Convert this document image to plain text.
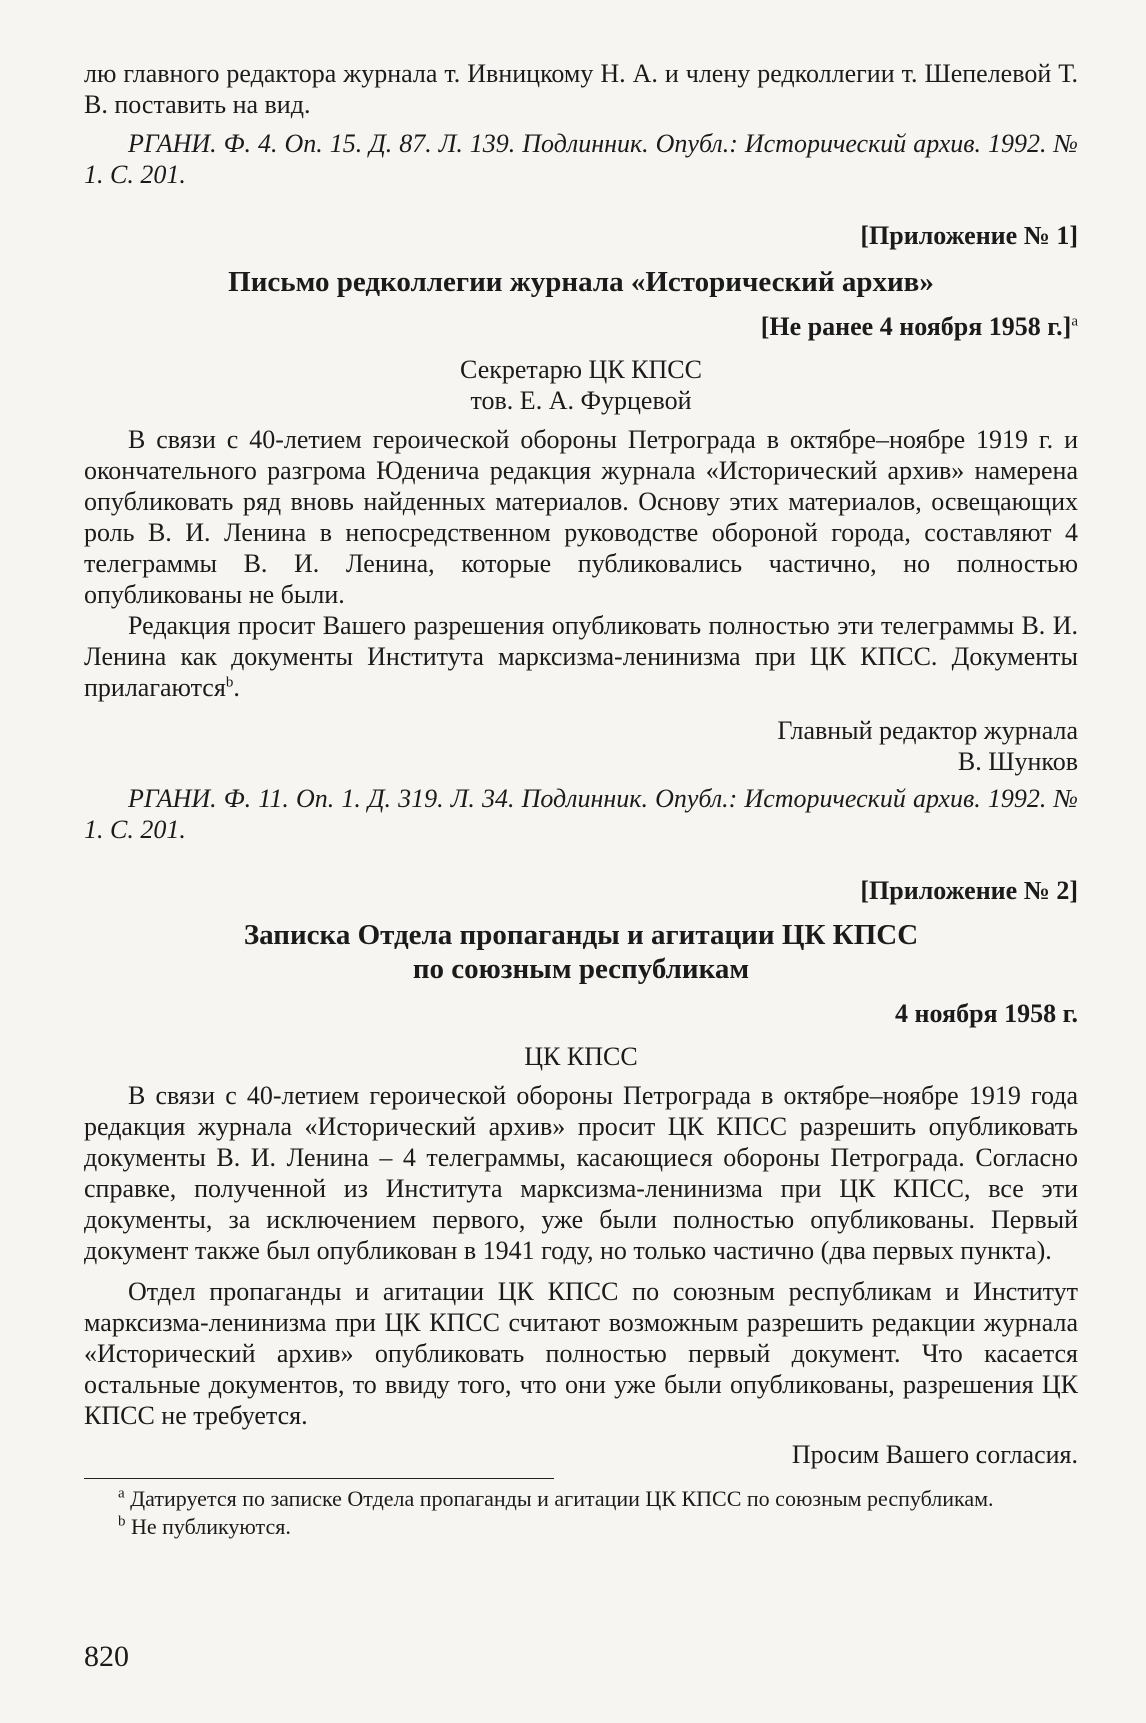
лю главного редактора журнала т. Ивницкому Н. А. и члену редколлегии т. Шепелевой Т. В. поставить на вид.

РГАНИ. Ф. 4. Оп. 15. Д. 87. Л. 139. Подлинник. Опубл.: Исторический архив. 1992. № 1. С. 201.

[Приложение № 1]

Письмо редколлегии журнала «Исторический архив»

[Не ранее 4 ноября 1958 г.]$^a$

Секретарю ЦК КПСС

тов. Е. А. Фурцевой

В связи с 40-летием героической обороны Петрограда в октябре–ноябре 1919 г. и окончательного разгрома Юденича редакция журнала «Исторический архив» намерена опубликовать ряд вновь найденных материалов. Основу этих материалов, освещающих роль В. И. Ленина в непосредственном руководстве обороной города, составляют 4 телеграммы В. И. Ленина, которые публиковались частично, но полностью опубликованы не были.

Редакция просит Вашего разрешения опубликовать полностью эти телеграммы В. И. Ленина как документы Института марксизма-ленинизма при ЦК КПСС. Документы прилагаются$^b$.

Главный редактор журнала

В. Шунков

РГАНИ. Ф. 11. Оп. 1. Д. 319. Л. 34. Подлинник. Опубл.: Исторический архив. 1992. № 1. С. 201.

[Приложение № 2]

Записка Отдела пропаганды и агитации ЦК КПСС

по союзным республикам

4 ноября 1958 г.

ЦК КПСС

В связи с 40-летием героической обороны Петрограда в октябре–ноябре 1919 года редакция журнала «Исторический архив» просит ЦК КПСС разрешить опубликовать документы В. И. Ленина – 4 телеграммы, касающиеся обороны Петрограда. Согласно справке, полученной из Института марксизма-ленинизма при ЦК КПСС, все эти документы, за исключением первого, уже были полностью опубликованы. Первый документ также был опубликован в 1941 году, но только частично (два первых пункта).

Отдел пропаганды и агитации ЦК КПСС по союзным республикам и Институт марксизма-ленинизма при ЦК КПСС считают возможным разрешить редакции журнала «Исторический архив» опубликовать полностью первый документ. Что касается остальные документов, то ввиду того, что они уже были опубликованы, разрешения ЦК КПСС не требуется.

Просим Вашего согласия.

$^a$ Датируется по записке Отдела пропаганды и агитации ЦК КПСС по союзным республикам.

$^b$ Не публикуются.

820
